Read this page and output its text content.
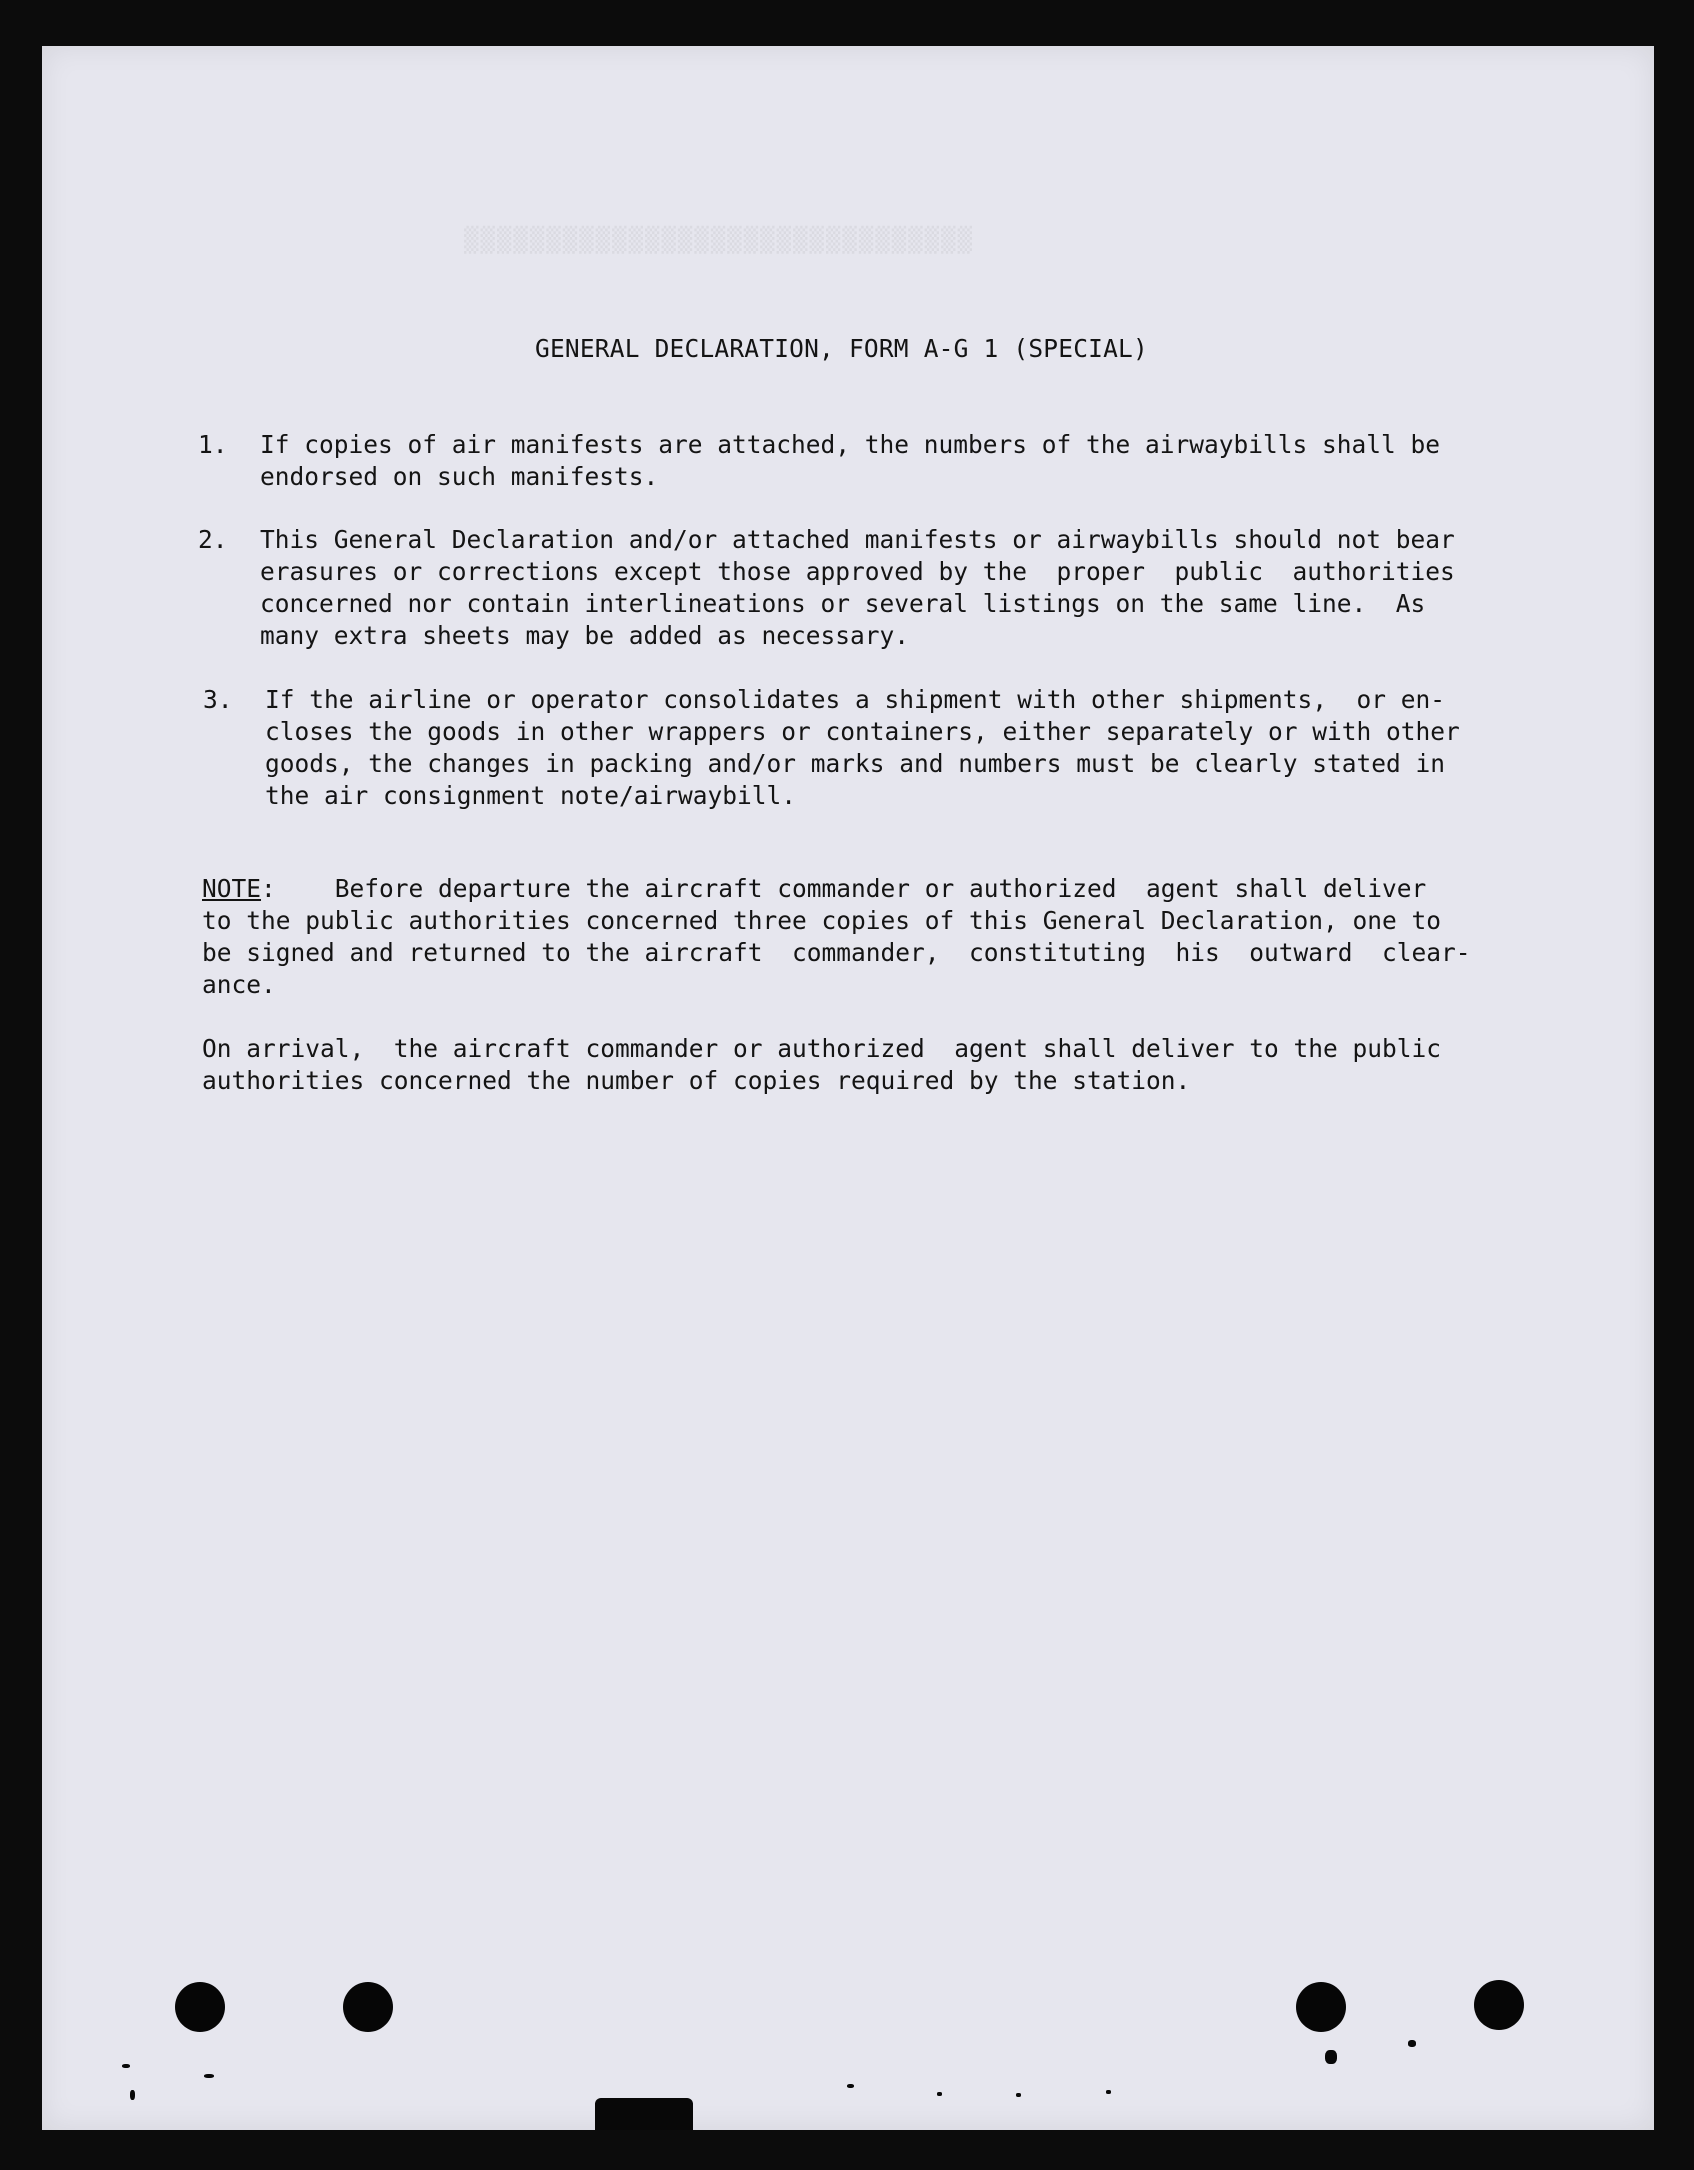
▒▒▒▒▒▒▒▒▒▒▒▒▒▒▒▒▒▒▒▒▒▒▒▒▒▒▒▒▒▒▒
GENERAL DECLARATION, FORM A-G 1 (SPECIAL)
1. If copies of air manifests are attached, the numbers of the airwaybills shall be
endorsed on such manifests.
2. This General Declaration and/or attached manifests or airwaybills should not bear
erasures or corrections except those approved by the  proper  public  authorities
concerned nor contain interlineations or several listings on the same line.  As
many extra sheets may be added as necessary.
3. If the airline or operator consolidates a shipment with other shipments,  or en-
closes the goods in other wrappers or containers, either separately or with other
goods, the changes in packing and/or marks and numbers must be clearly stated in
the air consignment note/airwaybill.
NOTE:    Before departure the aircraft commander or authorized  agent shall deliver
to the public authorities concerned three copies of this General Declaration, one to
be signed and returned to the aircraft  commander,  constituting  his  outward  clear-
ance.
On arrival,  the aircraft commander or authorized  agent shall deliver to the public
authorities concerned the number of copies required by the station.
